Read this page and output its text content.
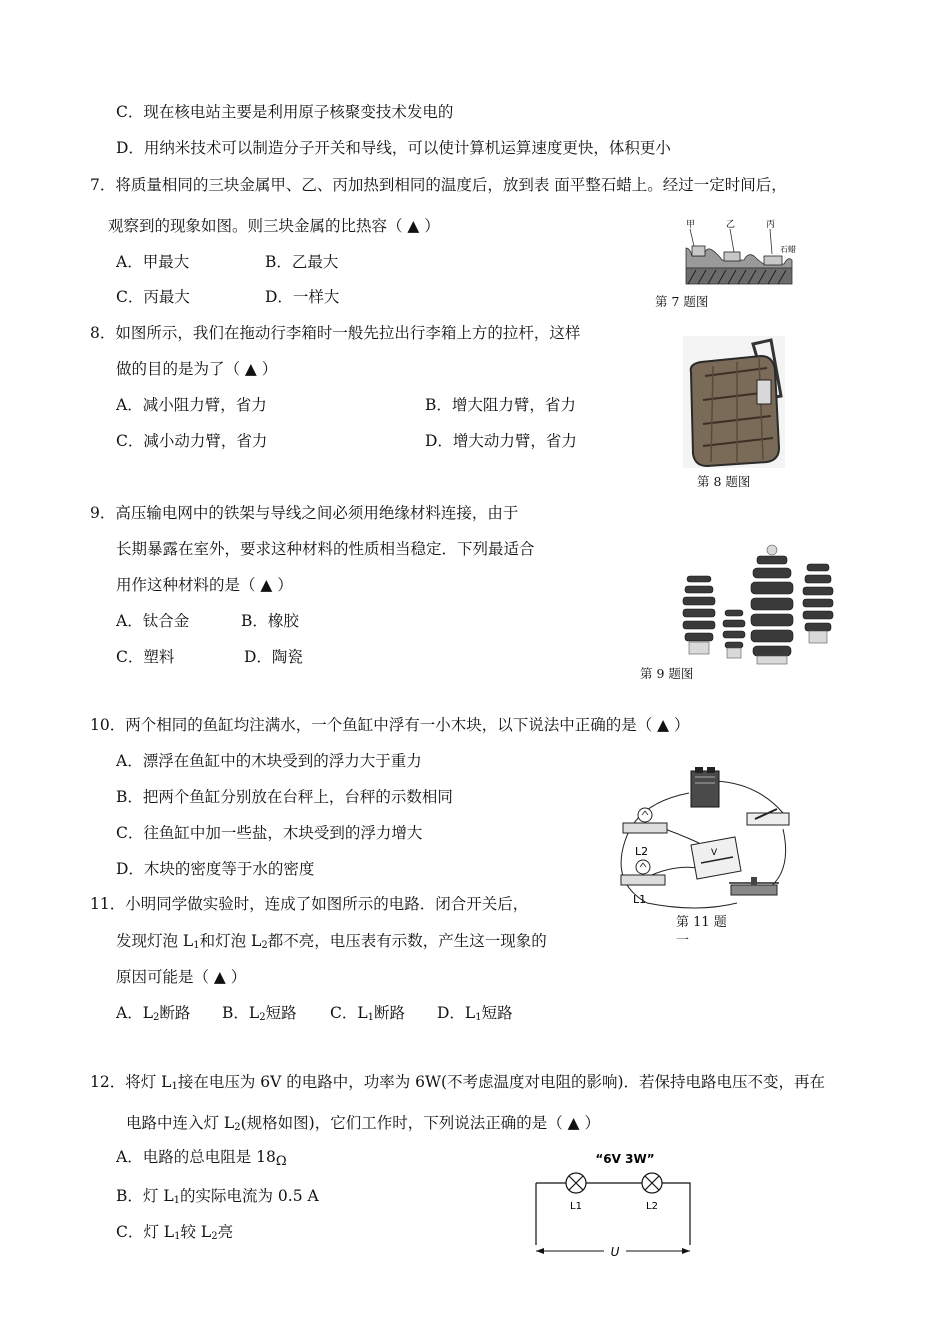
C．现在核电站主要是利用原子核聚变技术发电的
D．用纳米技术可以制造分子开关和导线，可以使计算机运算速度更快，体积更小
7．将质量相同的三块金属甲、乙、丙加热到相同的温度后，放到表 面平整石蜡上。经过一定时间后，
观察到的现象如图。则三块金属的比热容（ ▲ ）
A．甲最大	B．乙最大
C．丙最大	D．一样大
甲	乙	丙
石蜡
第 7 题图
8．如图所示，我们在拖动行李箱时一般先拉出行李箱上方的拉杆，这样
做的目的是为了（ ▲ ）
A．减小阻力臂，省力	B．增大阻力臂，省力
C．减小动力臂，省力	D．增大动力臂，省力
第 8 题图
9．高压输电网中的铁架与导线之间必须用绝缘材料连接，由于
长期暴露在室外，要求这种材料的性质相当稳定．下列最适合
用作这种材料的是（ ▲ ）
A．钛合金	B．橡胶
C．塑料	D．陶瓷
第 9 题图
10．两个相同的鱼缸均注满水，一个鱼缸中浮有一小木块，以下说法中正确的是（ ▲ ）
A．漂浮在鱼缸中的木块受到的浮力大于重力
B．把两个鱼缸分别放在台秤上，台秤的示数相同
C．往鱼缸中加一些盐，木块受到的浮力增大
D．木块的密度等于水的密度
L2
L1
V
11．小明同学做实验时，连成了如图所示的电路．闭合开关后，
发现灯泡 $L_1$和灯泡 $L_2$都不亮，电压表有示数，产生这一现象的
第 11 题
一
原因可能是（ ▲ ）
A．$L_2$断路 B．$L_2$短路 C．$L_1$断路 D．$L_1$短路
12．将灯 $L_1$接在电压为 6V 的电路中，功率为 6W(不考虑温度对电阻的影响)．若保持电路电压不变，再在
电路中连入灯 $L_2$(规格如图)，它们工作时，下列说法正确的是（ ▲ ）
A．电路的总电阻是 18Ω
B．灯 $L_1$的实际电流为 0.5 A
C．灯 $L_1$较 $L_2$亮
“6V 3W”
L1	L2
U
